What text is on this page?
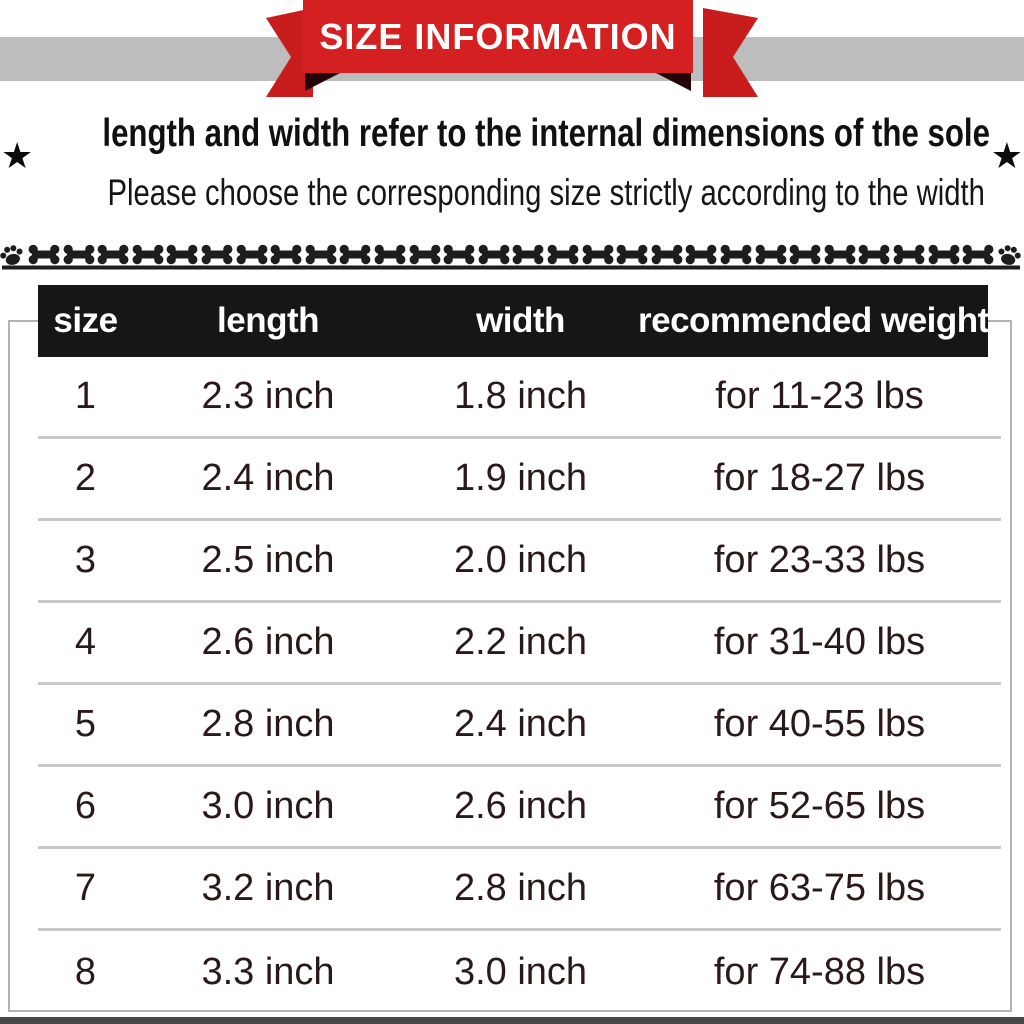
SIZE INFORMATION
length and width refer to the internal dimensions of the sole
★	★
Please choose the corresponding size strictly according to the width
size	length	width	recommended weight
1	2.3 inch	1.8 inch	for 11-23 lbs
2	2.4 inch	1.9 inch	for 18-27 lbs
3	2.5 inch	2.0 inch	for 23-33 lbs
4	2.6 inch	2.2 inch	for 31-40 lbs
5	2.8 inch	2.4 inch	for 40-55 lbs
6	3.0 inch	2.6 inch	for 52-65 lbs
7	3.2 inch	2.8 inch	for 63-75 lbs
8	3.3 inch	3.0 inch	for 74-88 lbs
